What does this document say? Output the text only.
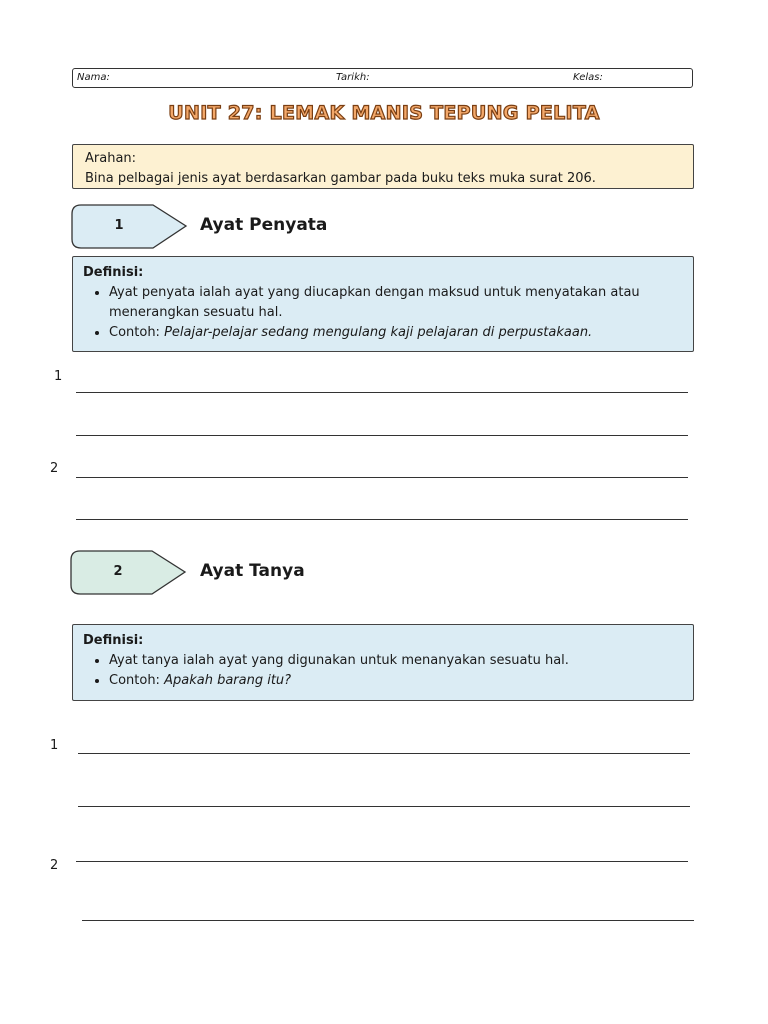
Nama:	Tarikh:	Kelas:
UNIT 27: LEMAK MANIS TEPUNG PELITA
Arahan:
Bina pelbagai jenis ayat berdasarkan gambar pada buku teks muka surat 206.
1	Ayat Penyata
Definisi:
• Ayat penyata ialah ayat yang diucapkan dengan maksud untuk menyatakan atau menerangkan sesuatu hal.
• Contoh: Pelajar-pelajar sedang mengulang kaji pelajaran di perpustakaan.
1
2
2	Ayat Tanya
Definisi:
• Ayat tanya ialah ayat yang digunakan untuk menanyakan sesuatu hal.
• Contoh: Apakah barang itu?
1
2
